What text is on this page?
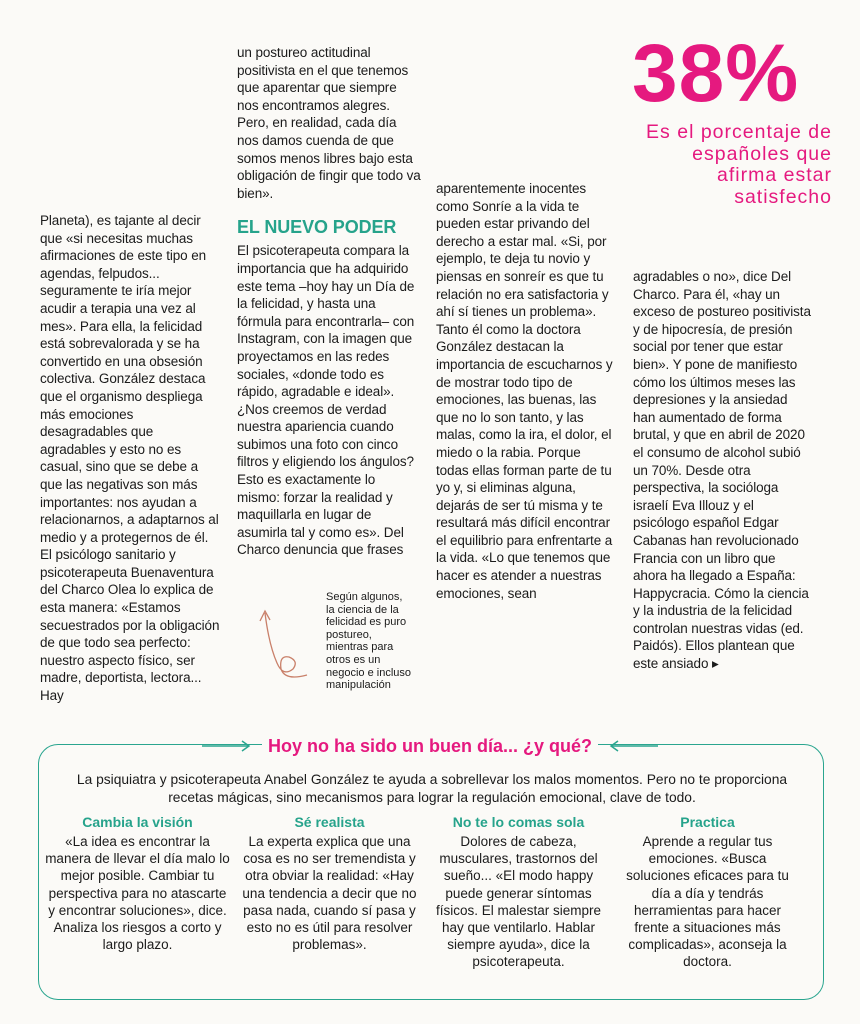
38%
Es el porcentaje de españoles que afirma estar satisfecho

Planeta), es tajante al decir que «si necesitas muchas afirmaciones de este tipo en agendas, felpudos... seguramente te iría mejor acudir a terapia una vez al mes». Para ella, la felicidad está sobrevalorada y se ha convertido en una obsesión colectiva. González destaca que el organismo despliega más emociones desagradables que agradables y esto no es casual, sino que se debe a que las negativas son más importantes: nos ayudan a relacionarnos, a adaptarnos al medio y a protegernos de él. El psicólogo sanitario y psicoterapeuta Buenaventura del Charco Olea lo explica de esta manera: «Estamos secuestrados por la obligación de que todo sea perfecto: nuestro aspecto físico, ser madre, deportista, lectora... Hay

un postureo actitudinal positivista en el que tenemos que aparentar que siempre nos encontramos alegres. Pero, en realidad, cada día nos damos cuenda de que somos menos libres bajo esta obligación de fingir que todo va bien».

EL NUEVO PODER

El psicoterapeuta compara la importancia que ha adquirido este tema –hoy hay un Día de la felicidad, y hasta una fórmula para encontrarla– con Instagram, con la imagen que proyectamos en las redes sociales, «donde todo es rápido, agradable e ideal». ¿Nos creemos de verdad nuestra apariencia cuando subimos una foto con cinco filtros y eligiendo los ángulos? Esto es exactamente lo mismo: forzar la realidad y maquillarla en lugar de asumirla tal y como es». Del Charco denuncia que frases

aparentemente inocentes como Sonríe a la vida te pueden estar privando del derecho a estar mal. «Si, por ejemplo, te deja tu novio y piensas en sonreír es que tu relación no era satisfactoria y ahí sí tienes un problema». Tanto él como la doctora González destacan la importancia de escucharnos y de mostrar todo tipo de emociones, las buenas, las que no lo son tanto, y las malas, como la ira, el dolor, el miedo o la rabia. Porque todas ellas forman parte de tu yo y, si eliminas alguna, dejarás de ser tú misma y te resultará más difícil encontrar el equilibrio para enfrentarte a la vida. «Lo que tenemos que hacer es atender a nuestras emociones, sean

agradables o no», dice Del Charco. Para él, «hay un exceso de postureo positivista y de hipocresía, de presión social por tener que estar bien». Y pone de manifiesto cómo los últimos meses las depresiones y la ansiedad han aumentado de forma brutal, y que en abril de 2020 el consumo de alcohol subió un 70%. Desde otra perspectiva, la socióloga israelí Eva Illouz y el psicólogo español Edgar Cabanas han revolucionado Francia con un libro que ahora ha llegado a España: Happycracia. Cómo la ciencia y la industria de la felicidad controlan nuestras vidas (ed. Paidós). Ellos plantean que este ansiado ▸

Según algunos, la ciencia de la felicidad es puro postureo, mientras para otros es un negocio e incluso manipulación
Hoy no ha sido un buen día... ¿y qué?
La psiquiatra y psicoterapeuta Anabel González te ayuda a sobrellevar los malos momentos. Pero no te proporciona recetas mágicas, sino mecanismos para lograr la regulación emocional, clave de todo.
Cambia la visión

«La idea es encontrar la manera de llevar el día malo lo mejor posible. Cambiar tu perspectiva para no atascarte y encontrar soluciones», dice. Analiza los riesgos a corto y largo plazo.

Sé realista

La experta explica que una cosa es no ser tremendista y otra obviar la realidad: «Hay una tendencia a decir que no pasa nada, cuando sí pasa y esto no es útil para resolver problemas».

No te lo comas sola

Dolores de cabeza, musculares, trastornos del sueño... «El modo happy puede generar síntomas físicos. El malestar siempre hay que ventilarlo. Hablar siempre ayuda», dice la psicoterapeuta.

Practica

Aprende a regular tus emociones. «Busca soluciones eficaces para tu día a día y tendrás herramientas para hacer frente a situaciones más complicadas», aconseja la doctora.
